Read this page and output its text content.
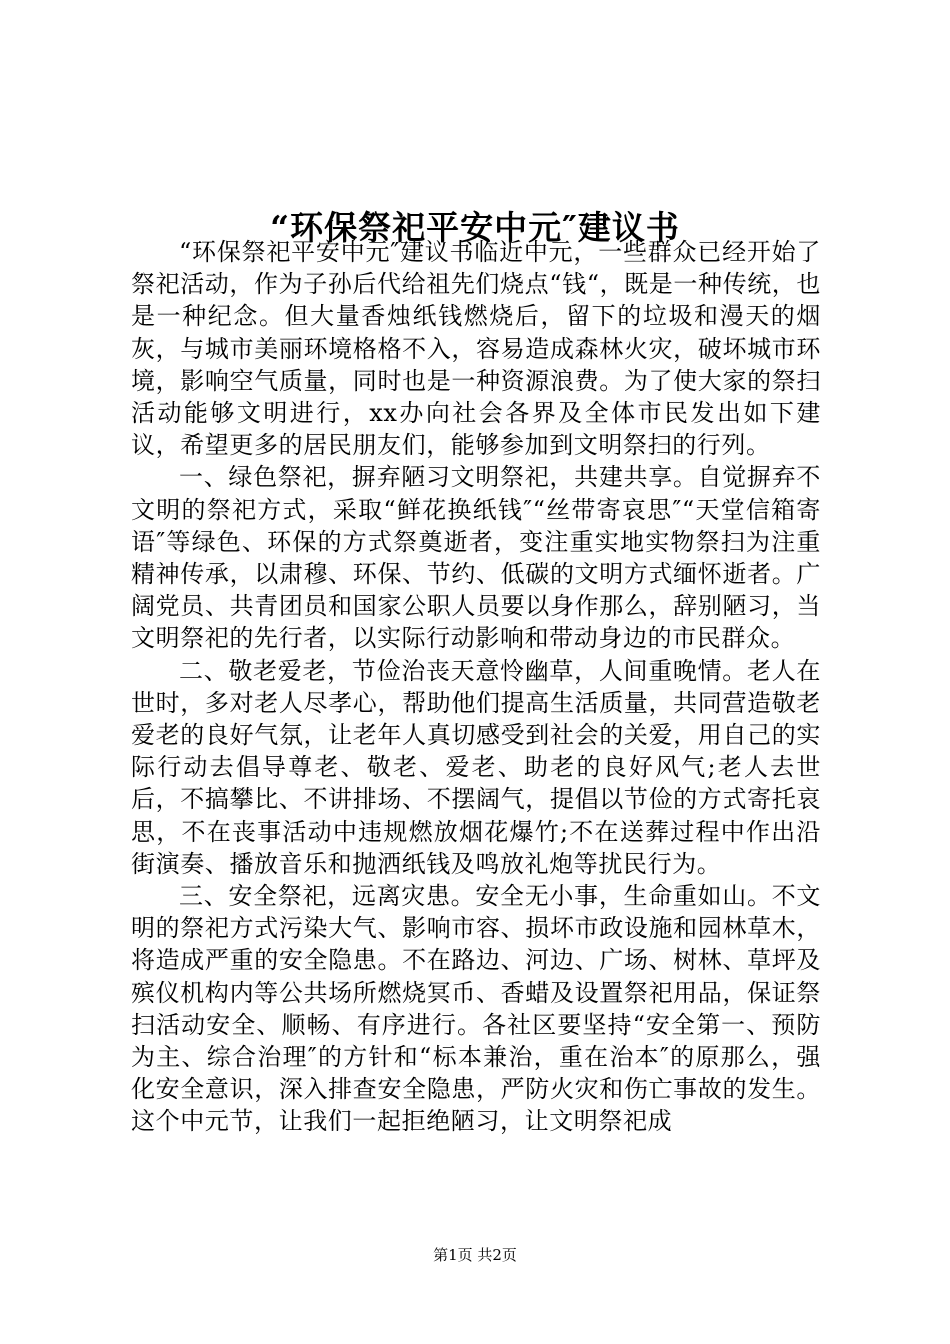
“环保祭祀平安中元″建议书

“环保祭祀平安中元″建议书临近中元，一些群众已经开始了祭祀活动，作为子孙后代给祖先们烧点“钱“，既是一种传统，也是一种纪念。但大量香烛纸钱燃烧后，留下的垃圾和漫天的烟灰，与城市美丽环境格格不入，容易造成森林火灾，破坏城市环境，影响空气质量，同时也是一种资源浪费。为了使大家的祭扫活动能够文明进行，xx办向社会各界及全体市民发出如下建议，希望更多的居民朋友们，能够参加到文明祭扫的行列。

一、绿色祭祀，摒弃陋习文明祭祀，共建共享。自觉摒弃不文明的祭祀方式，采取“鲜花换纸钱″“丝带寄哀思″“天堂信箱寄语″等绿色、环保的方式祭奠逝者，变注重实地实物祭扫为注重精神传承，以肃穆、环保、节约、低碳的文明方式缅怀逝者。广阔党员、共青团员和国家公职人员要以身作那么，辞别陋习，当文明祭祀的先行者，以实际行动影响和带动身边的市民群众。

二、敬老爱老，节俭治丧天意怜幽草，人间重晚情。老人在世时，多对老人尽孝心，帮助他们提高生活质量，共同营造敬老爱老的良好气氛，让老年人真切感受到社会的关爱，用自己的实际行动去倡导尊老、敬老、爱老、助老的良好风气;老人去世后，不搞攀比、不讲排场、不摆阔气，提倡以节俭的方式寄托哀思，不在丧事活动中违规燃放烟花爆竹;不在送葬过程中作出沿街演奏、播放音乐和抛洒纸钱及鸣放礼炮等扰民行为。

三、安全祭祀，远离灾患。安全无小事，生命重如山。不文明的祭祀方式污染大气、影响市容、损坏市政设施和园林草木，将造成严重的安全隐患。不在路边、河边、广场、树林、草坪及殡仪机构内等公共场所燃烧冥币、香蜡及设置祭祀用品，保证祭扫活动安全、顺畅、有序进行。各社区要坚持“安全第一、预防为主、综合治理″的方针和“标本兼治，重在治本″的原那么，强化安全意识，深入排查安全隐患，严防火灾和伤亡事故的发生。这个中元节，让我们一起拒绝陋习，让文明祭祀成

第1页 共2页
